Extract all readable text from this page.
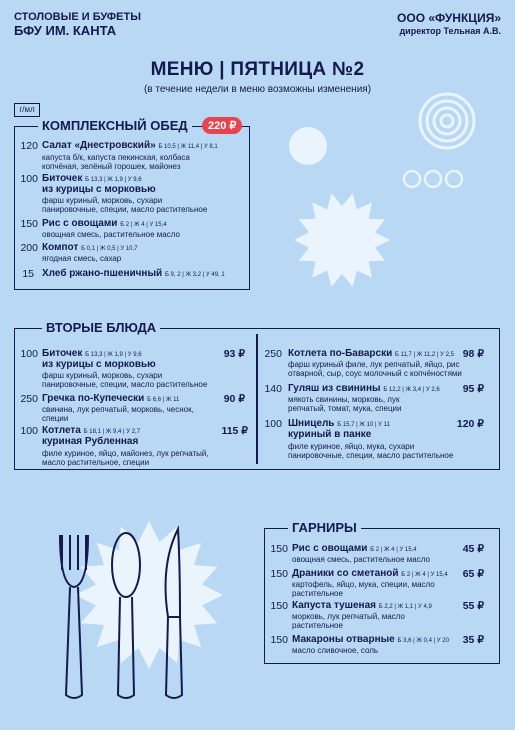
СТОЛОВЫЕ И БУФЕТЫ
БФУ ИМ. КАНТА
ООО «ФУНКЦИЯ»
директор Тельная А.В.
МЕНЮ | ПЯТНИЦА №2
(в течение недели в меню возможны изменения)
г/мл
КОМПЛЕКСНЫЙ ОБЕД	220 ₽
120 Салат «Днестровский» Б 10,5 | Ж 11,4 | У 8,1
капуста б/к, капуста пекинская, колбаса
копчёная, зелёный горошек, майонез
100 Биточек Б 13,3 | Ж 1,9 | У 9,6
из курицы с морковью
фарш куриный, морковь, сухари
панировочные, специи, масло растительное
150 Рис с овощами Б 2 | Ж 4 | У 15,4
овощная смесь, растительное масло
200 Компот Б 0,1 | Ж 0,5 | У 10,7
ягодная смесь, сахар
15 Хлеб ржано-пшеничный Б 9, 2 | Ж 3,2 | У 49, 1
ВТОРЫЕ БЛЮДА
100 Биточек Б 13,3 | Ж 1,9 | У 9,6	93 ₽
из курицы с морковью
фарш куриный, морковь, сухари
панировочные, специи, масло растительное
250 Гречка по-Купечески Б 6,6 | Ж 11	90 ₽
свинина, лук репчатый, морковь, чеснок,
специи
100 Котлета Б 18,1 | Ж 9,4 | У 2,7	115 ₽
куриная Рубленная
филе куриное, яйцо, майонез, лук репчатый,
масло растительное, специи
250 Котлета по-Баварски Б 11,7 | Ж 11,2 | У 2,5 98 ₽
фарш куриный филе, лук репчатый, яйцо, рис
отварной, сыр, соус молочный с копчёностями
140 Гуляш из свинины Б 12,2 | Ж 3,4 | У 2,6	95 ₽
мякоть свинины, морковь, лук
репчатый, томат, мука, специи
100 Шницель Б 15,7 | Ж 10 | У 11	120 ₽
куриный в панке
филе куриное, яйцо, мука, сухари
панировочные, специи, масло растительное
ГАРНИРЫ
150 Рис с овощами Б 2 | Ж 4 | У 15,4	45 ₽
овощная смесь, растительное масло
150 Драники со сметаной Б 2 | Ж 4 | У 15,4	65 ₽
картофель, яйцо, мука, специи, масло
растительное
150 Капуста тушеная Б 2,2 | Ж 1,1 | У 4,9	55 ₽
морковь, лук репчатый, масло
растительное
150 Макароны отварные Б 3,6 | Ж 0,4 | У 20	35 ₽
масло сливочное, соль
